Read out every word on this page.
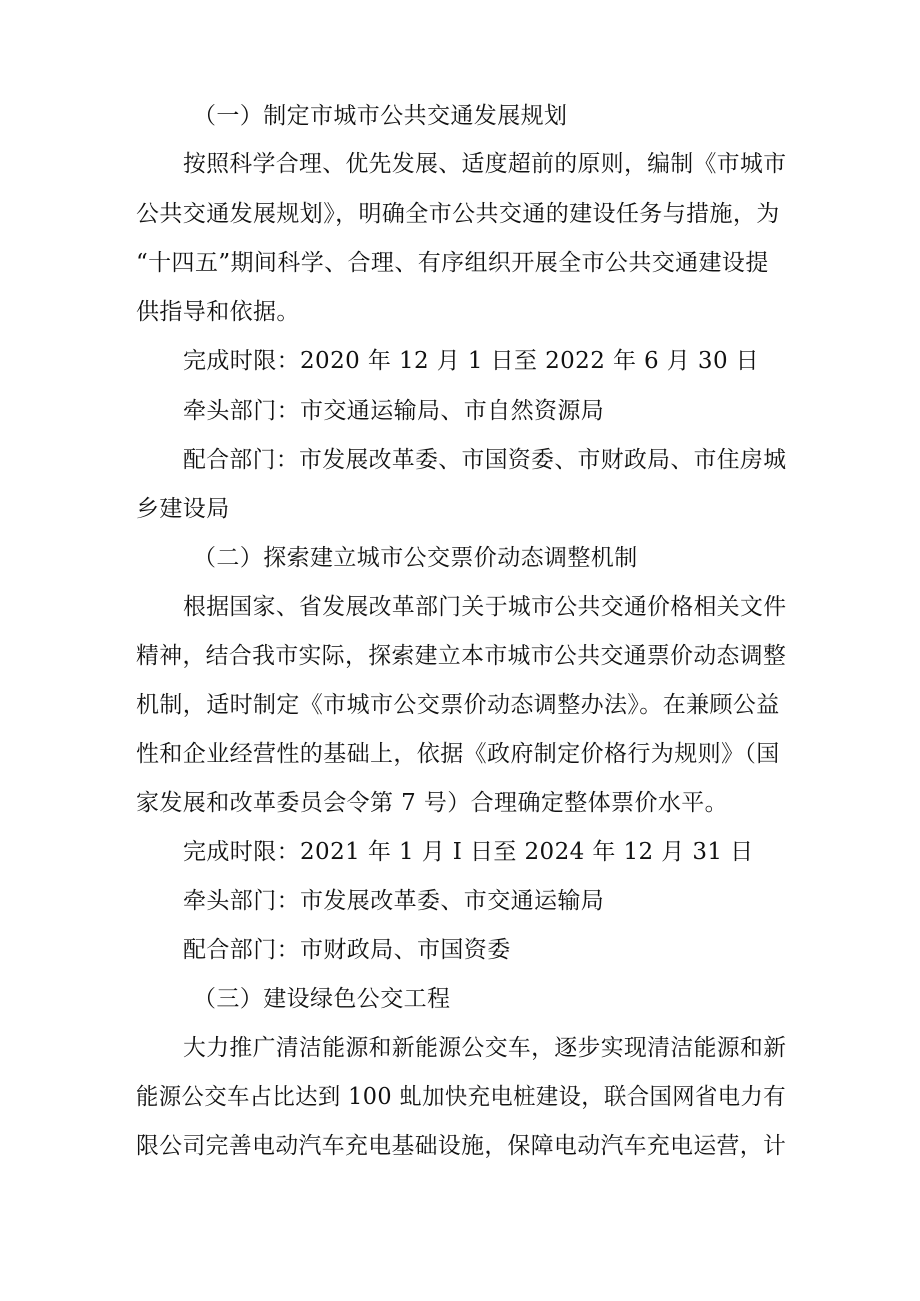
（一）制定市城市公共交通发展规划
按照科学合理、优先发展、适度超前的原则，编制《市城市
公共交通发展规划》，明确全市公共交通的建设任务与措施，为
“十四五”期间科学、合理、有序组织开展全市公共交通建设提
供指导和依据。
完成时限：2020 年 12 月 1 日至 2022 年 6 月 30 日
牵头部门：市交通运输局、市自然资源局
配合部门：市发展改革委、市国资委、市财政局、市住房城
乡建设局
（二）探索建立城市公交票价动态调整机制
根据国家、省发展改革部门关于城市公共交通价格相关文件
精神，结合我市实际，探索建立本市城市公共交通票价动态调整
机制，适时制定《市城市公交票价动态调整办法》。在兼顾公益
性和企业经营性的基础上，依据《政府制定价格行为规则》（国
家发展和改革委员会令第 7 号）合理确定整体票价水平。
完成时限：2021 年 1 月 I 日至 2024 年 12 月 31 日
牵头部门：市发展改革委、市交通运输局
配合部门：市财政局、市国资委
（三）建设绿色公交工程
大力推广清洁能源和新能源公交车，逐步实现清洁能源和新
能源公交车占比达到 100 虬加快充电桩建设，联合国网省电力有
限公司完善电动汽车充电基础设施，保障电动汽车充电运营，计
